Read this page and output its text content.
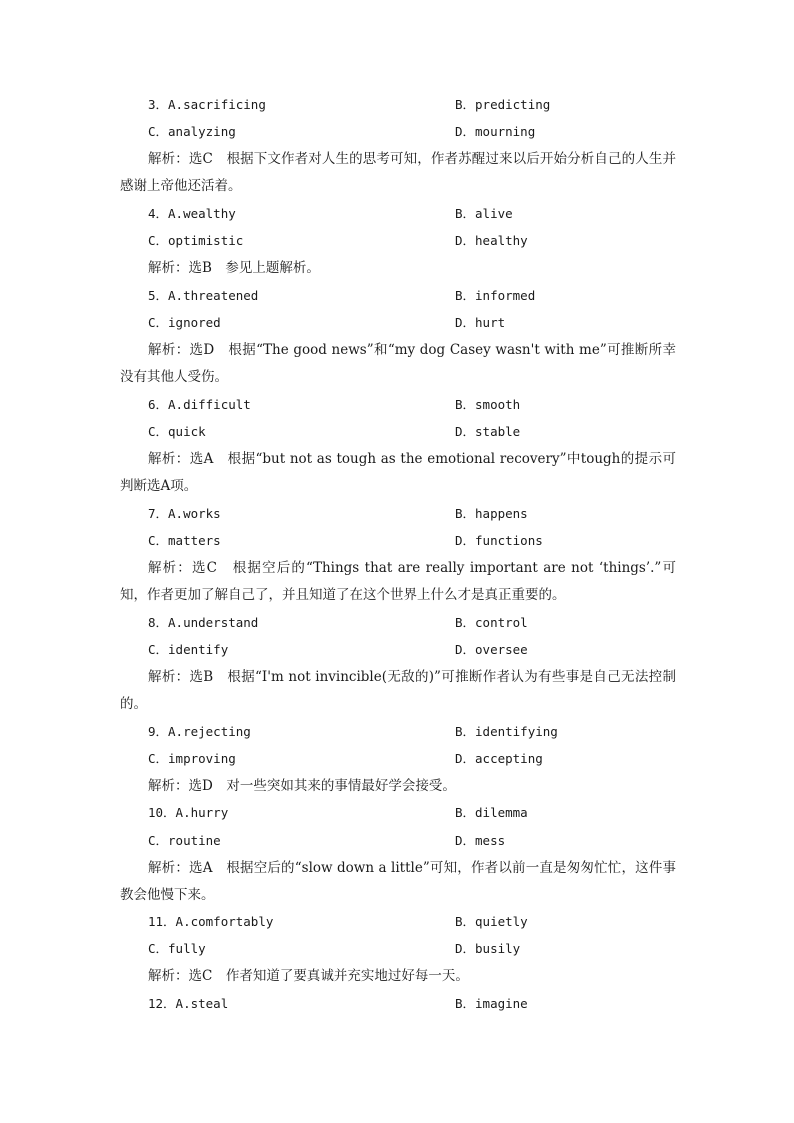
3．A.sacrificing	B．predicting
C．analyzing	D．mourning
解析：选C　根据下文作者对人生的思考可知，作者苏醒过来以后开始分析自己的人生并感谢上帝他还活着。
4．A.wealthy	B．alive
C．optimistic	D．healthy
解析：选B　参见上题解析。
5．A.threatened	B．informed
C．ignored	D．hurt
解析：选D　根据“The good news”和“my dog Casey wasn't with me”可推断所幸没有其他人受伤。
6．A.difficult	B．smooth
C．quick	D．stable
解析：选A　根据“but not as tough as the emotional recovery”中tough的提示可判断选A项。
7．A.works	B．happens
C．matters	D．functions
解析：选C　根据空后的“Things that are really important are not ‘things’.”可知，作者更加了解自己了，并且知道了在这个世界上什么才是真正重要的。
8．A.understand	B．control
C．identify	D．oversee
解析：选B　根据“I'm not invincible(无敌的)”可推断作者认为有些事是自己无法控制的。
9．A.rejecting	B．identifying
C．improving	D．accepting
解析：选D　对一些突如其来的事情最好学会接受。
10．A.hurry	B．dilemma
C．routine	D．mess
解析：选A　根据空后的“slow down a little”可知，作者以前一直是匆匆忙忙，这件事教会他慢下来。
11．A.comfortably	B．quietly
C．fully	D．busily
解析：选C　作者知道了要真诚并充实地过好每一天。
12．A.steal	B．imagine
